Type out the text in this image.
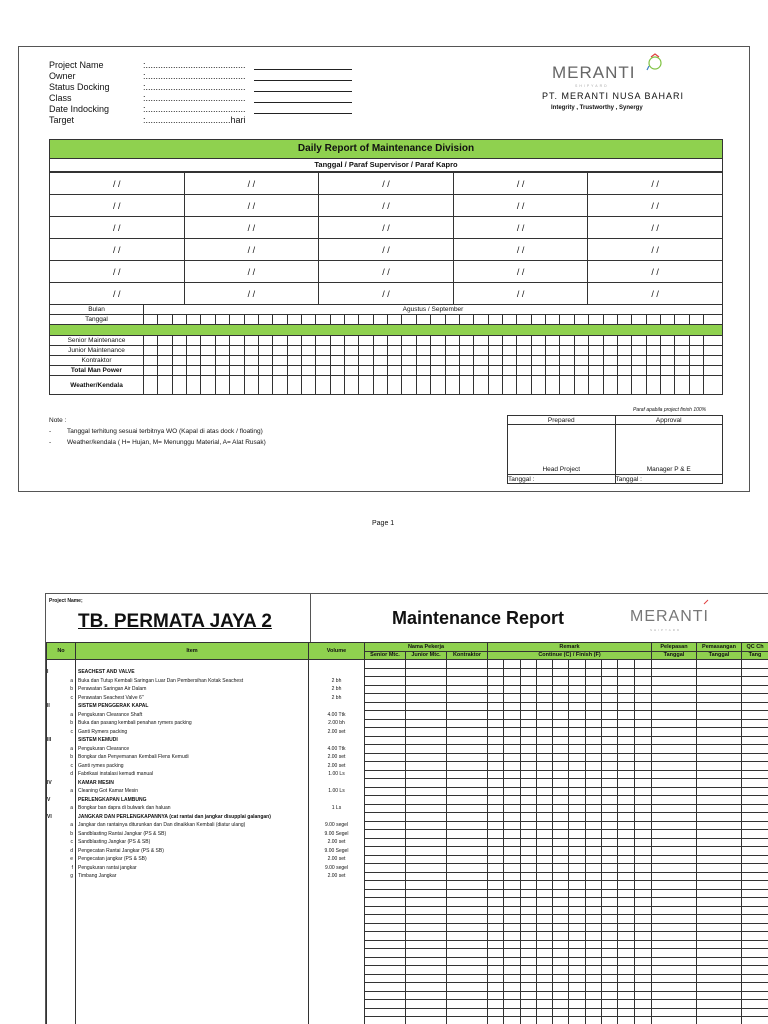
Project Name	:........................................
Owner	:........................................
Status Docking	:........................................
Class	:........................................
Date Indocking	:........................................
Target	:..................................hari
MERANTI
SHIPYARD
PT. MERANTI NUSA BAHARI
Integrity , Trustworthy , Synergy
Daily Report of Maintenance Division
Tanggal / Paraf Supervisor / Paraf Kapro
/ /	/ /	/ /	/ /	/ /
/ /	/ /	/ /	/ /	/ /
/ /	/ /	/ /	/ /	/ /
/ /	/ /	/ /	/ /	/ /
/ /	/ /	/ /	/ /	/ /
/ /	/ /	/ /	/ /	/ /
Bulan	Agustus / September																																							
Tanggal																																								

Senior Maintenance																																								
Junior Maintenance																																								
Kontraktor																																								
Total Man Power																																								
Weather/Kendala																																								
Note :
- Tanggal terhitung sesuai terbitnya WO (Kapal di atas dock / floating)
- Weather/kendala ( H= Hujan, M= Menunggu Material, A= Alat Rusak)
Paraf apabila project finish 100%
Prepared	Approval
Head Project	Manager P & E
Tanggal :	Tanggal :
Page 1
Project Name;
TB. PERMATA JAYA 2	Maintenance Report	MERANTI
SHIPYARD
No	Item	Volume	Nama Pekerja			Remark										Pelepasan	Pemasangan	QC Ch
			Senior Mtc.	Junior Mtc.	Kontraktor	Continue (C) / Finish (F)										Tanggal	Tanggal	Tang

I	SEACHEST AND VALVE																	
a	Buka dan Tutup Kembali Saringan Luar Dan Pembersihan Kotak Seachest	2 bh																
b	Perawatan Saringan Air Dalam	2 bh																
c	Perawatan Seachest Valve 6"	2 bh																
II	SISTEM PENGGERAK KAPAL																	
a	Pengukuran Clearance Shaft	4.00 Ttk																
b	Buka dan pasang kembali penahan rymers packing	2.00 bh																
c	Ganti Rymers packing	2.00 set																
III	SISTEM KEMUDI																	
a	Pengukuran Clearance	4.00 Ttk																
b	Bongkar dan Penyemanan Kembali Flens Kemudi	2.00 set																
c	Ganti rymes packing	2.00 set																
d	Fabrikasi instalasi kemudi manual	1.00 Ls																
IV	KAMAR MESIN																	
a	Cleaning Got Kamar Mesin	1.00 Ls																
V	PERLENGKAPAN LAMBUNG																	
a	Bongkar ban dapra di bulwark dan haluan	1 Ls																
VI	JANGKAR DAN PERLENGKAPANNYA (cat rantai dan jangkar disupplai galangan)																	
a	Jangkar dan rantainya diturunkan dan Dan dinaikkan Kembali (diatur ulang)	9.00 segel																
b	Sandblasting Rantai Jangkar (PS & SB)	9.00 Segel																
c	Sandblasting Jangkar (PS & SB)	2.00 set																
d	Pengecatan Rantai Jangkar (PS & SB)	9.00 Segel																
e	Pengecatan jangkar (PS & SB)	2.00 set																
f	Pengukuran rantai jangkar	9.00 segel																
g	Timbang Jangkar	2.00 set																
